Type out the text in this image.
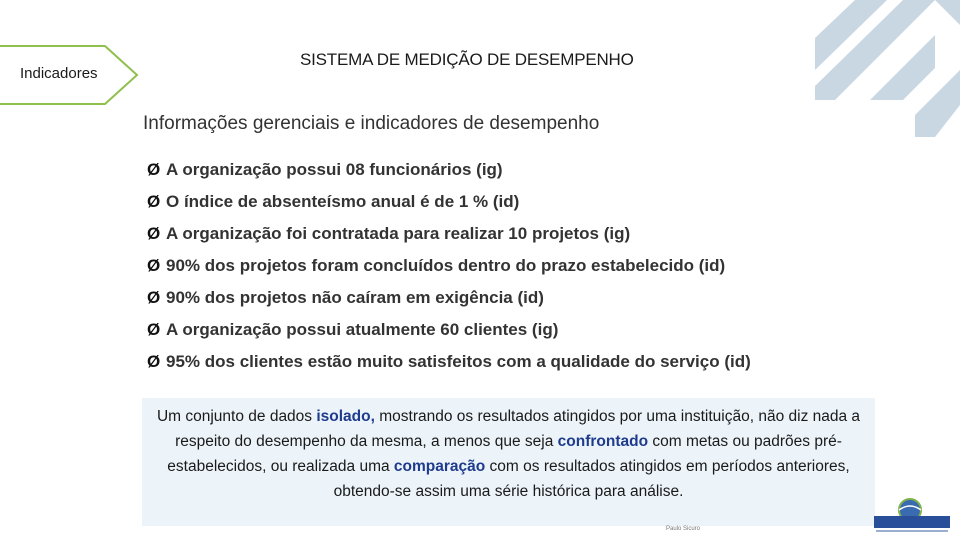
Indicadores
SISTEMA DE MEDIÇÃO DE DESEMPENHO
Informações gerenciais e indicadores de desempenho
Ø A organização possui 08 funcionários (ig)
Ø O índice de absenteísmo anual é de 1 % (id)
Ø A organização foi contratada para realizar 10 projetos (ig)
Ø 90% dos projetos foram concluídos dentro do prazo estabelecido (id)
Ø 90% dos projetos não caíram em exigência (id)
Ø A organização possui atualmente 60 clientes (ig)
Ø 95% dos clientes estão muito satisfeitos com a qualidade do serviço (id)
Um conjunto de dados isolado, mostrando os resultados atingidos por uma instituição, não diz nada a respeito do desempenho da mesma, a menos que seja confrontado com metas ou padrões pré-estabelecidos, ou realizada uma comparação com os resultados atingidos em períodos anteriores, obtendo-se assim uma série histórica para análise.
Paulo Sicuro
